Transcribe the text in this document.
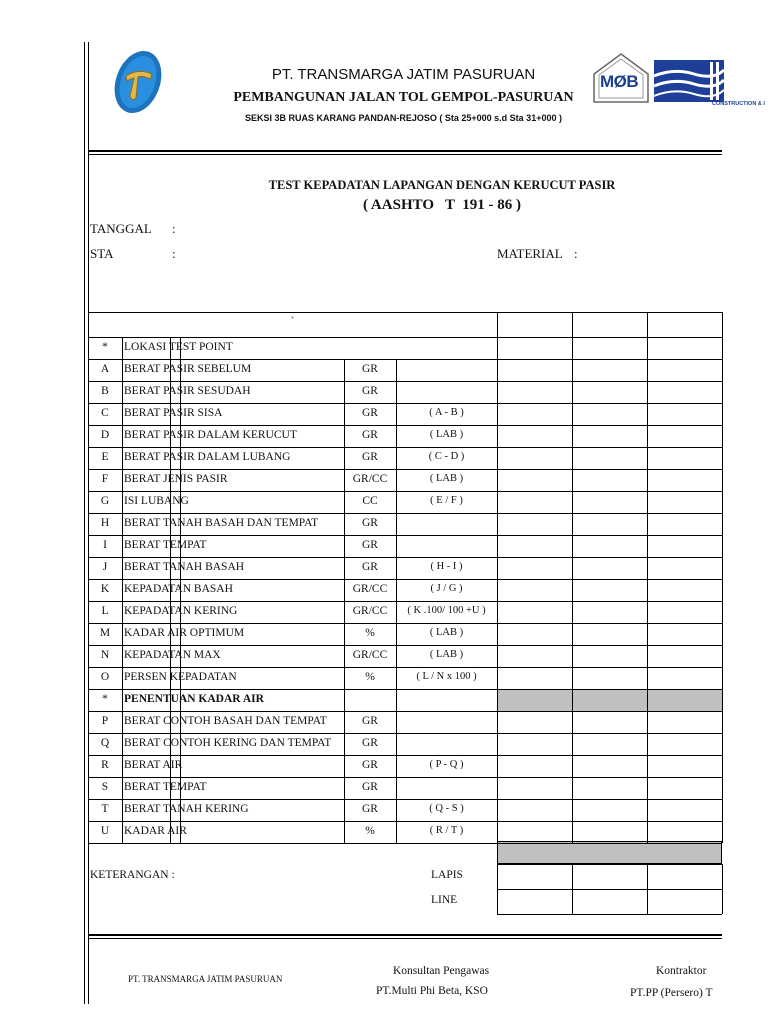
MØB
CONSTRUCTION & I
PT. TRANSMARGA JATIM PASURUAN
PEMBANGUNAN JALAN TOL GEMPOL-PASURUAN
SEKSI 3B RUAS KARANG PANDAN-REJOSO ( Sta 25+000 s.d Sta 31+000 )
TEST KEPADATAN LAPANGAN DENGAN KERUCUT PASIR
( AASHTO   T  191 - 86 )
TANGGAL :
STA	:	MATERIAL :
KETERANGAN :	LAPIS
LINE
PT. TRANSMARGA JATIM PASURUAN
Konsultan Pengawas
PT.Multi Phi Beta, KSO
Kontraktor
PT.PP (Persero) T
`
*	LOKASI TEST POINT
A	BERAT PASIR SEBELUM	GR
B	BERAT PASIR SESUDAH	GR
C	BERAT PASIR SISA	GR	( A - B )
D	BERAT PASIR DALAM KERUCUT	GR	( LAB )
E	BERAT PASIR DALAM LUBANG	GR	( C - D )
F	BERAT JENIS PASIR	GR/CC	( LAB )
G	ISI LUBANG	CC	( E / F )
H	BERAT TANAH BASAH DAN TEMPAT	GR
I	BERAT TEMPAT	GR
J	BERAT TANAH BASAH	GR	( H - I )
K	KEPADATAN BASAH	GR/CC	( J / G )
L	KEPADATAN KERING	GR/CC	( K .100/ 100 +U )
M	KADAR AIR OPTIMUM	%	( LAB )
N	KEPADATAN MAX	GR/CC	( LAB )
O	PERSEN KEPADATAN	%	( L / N x 100 )
*	PENENTUAN KADAR AIR
P	BERAT CONTOH BASAH DAN TEMPAT	GR
Q	BERAT CONTOH KERING DAN TEMPAT	GR
R	BERAT AIR	GR	( P - Q )
S	BERAT TEMPAT	GR
T	BERAT TANAH KERING	GR	( Q - S )
U	KADAR AIR	%	( R / T )
